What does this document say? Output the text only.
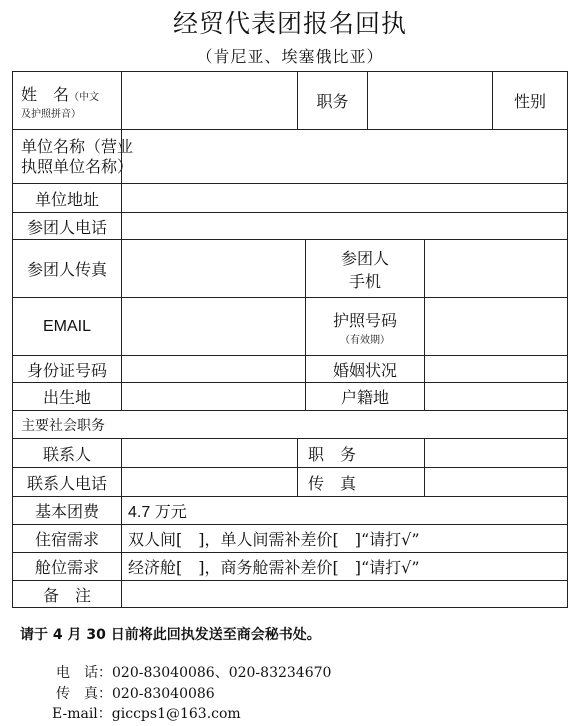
经贸代表团报名回执
（肯尼亚、埃塞俄比亚）
姓　名（中文
及护照拼音）		职务				性别

单位名称（营业
执照单位名称）						

单位地址						
参团人电话						
参团人传真			参团人
手机			

EMAIL			护照号码
（有效期）			

身份证号码			婚姻状况			
出生地			户籍地			
主要社会职务						
联系人		职　务				
联系人电话		传　真				
基本团费	4.7 万元					
住宿需求	双人间[　]，单人间需补差价[　]“请打√”					
舱位需求	经济舱[　]，商务舱需补差价[　]“请打√”					
备　注						
请于 4 月 30 日前将此回执发送至商会秘书处。
电　话：020-83040086、020-83234670
传　真：020-83040086
E-mail：giccps1@163.com
